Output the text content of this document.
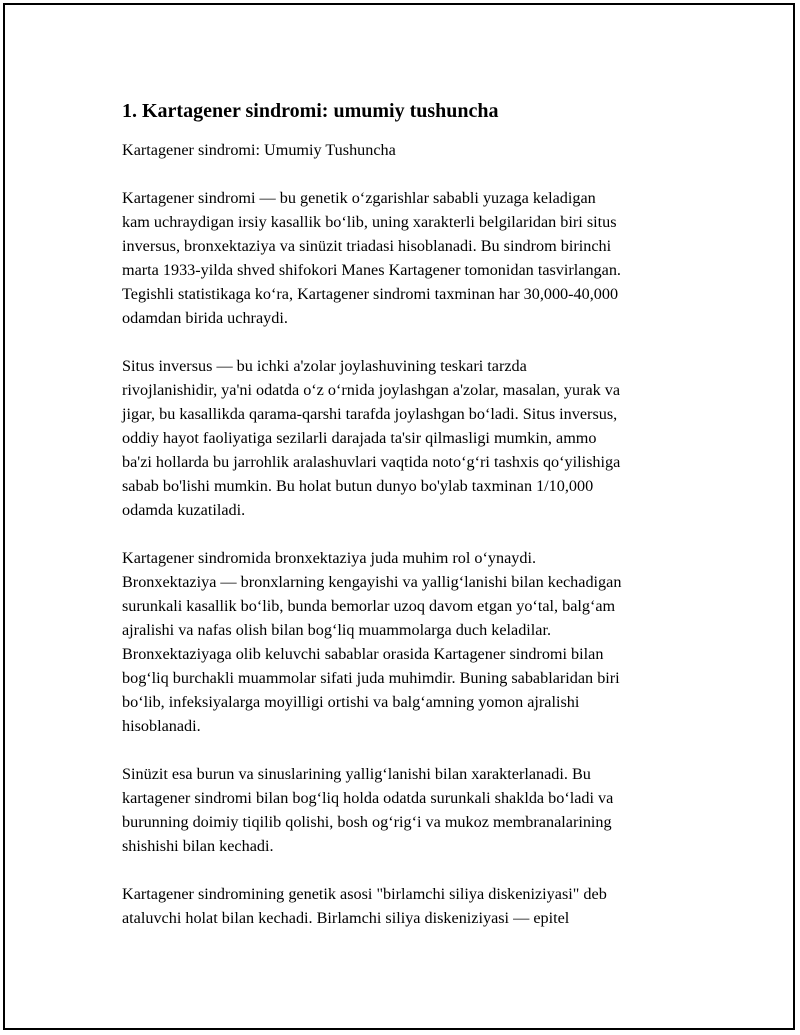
1. Kartagener sindromi: umumiy tushuncha

Kartagener sindromi: Umumiy Tushuncha

Kartagener sindromi — bu genetik oʻzgarishlar sababli yuzaga keladigan
kam uchraydigan irsiy kasallik boʻlib, uning xarakterli belgilaridan biri situs
inversus, bronxektaziya va sinüzit triadasi hisoblanadi. Bu sindrom birinchi
marta 1933-yilda shved shifokori Manes Kartagener tomonidan tasvirlangan.
Tegishli statistikaga koʻra, Kartagener sindromi taxminan har 30,000-40,000
odamdan birida uchraydi.

Situs inversus — bu ichki a'zolar joylashuvining teskari tarzda
rivojlanishidir, ya'ni odatda oʻz oʻrnida joylashgan a'zolar, masalan, yurak va
jigar, bu kasallikda qarama-qarshi tarafda joylashgan boʻladi. Situs inversus,
oddiy hayot faoliyatiga sezilarli darajada ta'sir qilmasligi mumkin, ammo
ba'zi hollarda bu jarrohlik aralashuvlari vaqtida notoʻgʻri tashxis qoʻyilishiga
sabab bo'lishi mumkin. Bu holat butun dunyo bo'ylab taxminan 1/10,000
odamda kuzatiladi.

Kartagener sindromida bronxektaziya juda muhim rol oʻynaydi.
Bronxektaziya — bronxlarning kengayishi va yalligʻlanishi bilan kechadigan
surunkali kasallik boʻlib, bunda bemorlar uzoq davom etgan yoʻtal, balgʻam
ajralishi va nafas olish bilan bogʻliq muammolarga duch keladilar.
Bronxektaziyaga olib keluvchi sabablar orasida Kartagener sindromi bilan
bogʻliq burchakli muammolar sifati juda muhimdir. Buning sabablaridan biri
boʻlib, infeksiyalarga moyilligi ortishi va balgʻamning yomon ajralishi
hisoblanadi.

Sinüzit esa burun va sinuslarining yalligʻlanishi bilan xarakterlanadi. Bu
kartagener sindromi bilan bogʻliq holda odatda surunkali shaklda boʻladi va
burunning doimiy tiqilib qolishi, bosh ogʻrigʻi va mukoz membranalarining
shishishi bilan kechadi.

Kartagener sindromining genetik asosi "birlamchi siliya diskeniziyasi" deb
ataluvchi holat bilan kechadi. Birlamchi siliya diskeniziyasi — epitel
